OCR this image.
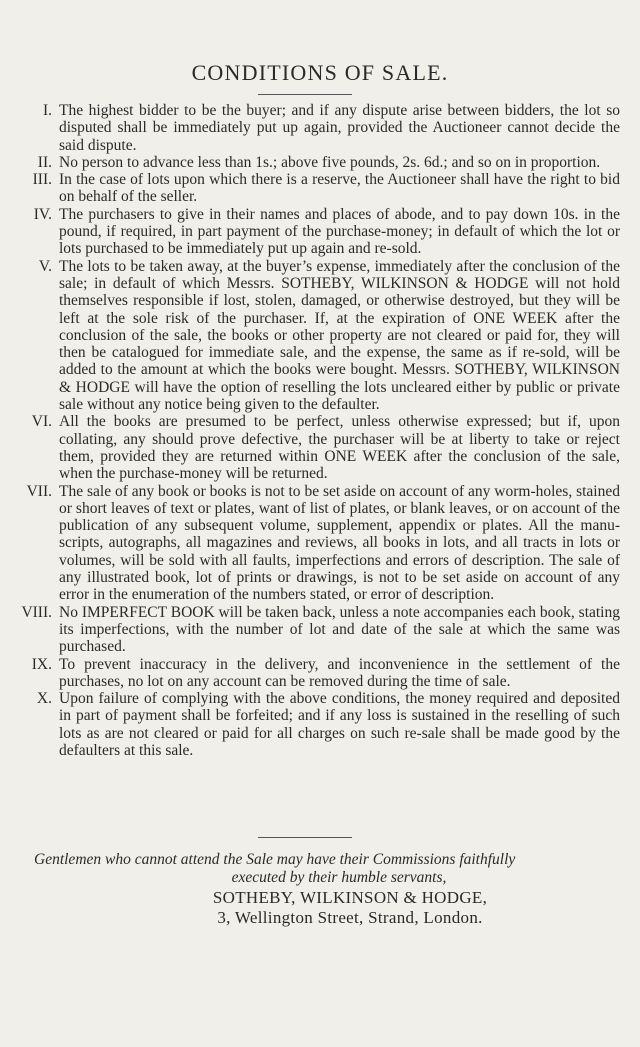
CONDITIONS OF SALE.
I. The highest bidder to be the buyer; and if any dispute arise between bidders, the lot so disputed shall be immediately put up again, provided the Auctioneer cannot decide the said dispute.
II. No person to advance less than 1s.; above five pounds, 2s. 6d.; and so on in proportion.
III. In the case of lots upon which there is a reserve, the Auctioneer shall have the right to bid on behalf of the seller.
IV. The purchasers to give in their names and places of abode, and to pay down 10s. in the pound, if required, in part payment of the purchase-money; in default of which the lot or lots purchased to be immediately put up again and re-sold.
V. The lots to be taken away, at the buyer’s expense, immediately after the conclusion of the sale; in default of which Messrs. SOTHEBY, WILKINSON & HODGE will not hold themselves responsible if lost, stolen, damaged, or otherwise destroyed, but they will be left at the sole risk of the purchaser. If, at the expiration of ONE WEEK after the conclusion of the sale, the books or other property are not cleared or paid for, they will then be catalogued for immediate sale, and the expense, the same as if re-sold, will be added to the amount at which the books were bought. Messrs. SOTHEBY, WILKINSON & HODGE will have the option of reselling the lots uncleared either by public or private sale without any notice being given to the defaulter.
VI. All the books are presumed to be perfect, unless otherwise expressed; but if, upon collating, any should prove defective, the purchaser will be at liberty to take or reject them, provided they are returned within ONE WEEK after the conclusion of the sale, when the purchase-money will be returned.
VII. The sale of any book or books is not to be set aside on account of any worm-holes, stained or short leaves of text or plates, want of list of plates, or blank leaves, or on account of the publication of any subsequent volume, supplement, appendix or plates. All the manu-scripts, autographs, all magazines and reviews, all books in lots, and all tracts in lots or volumes, will be sold with all faults, imperfections and errors of description. The sale of any illustrated book, lot of prints or drawings, is not to be set aside on account of any error in the enumeration of the numbers stated, or error of description.
VIII. No IMPERFECT BOOK will be taken back, unless a note accompanies each book, stating its imperfections, with the number of lot and date of the sale at which the same was purchased.
IX. To prevent inaccuracy in the delivery, and inconvenience in the settlement of the purchases, no lot on any account can be removed during the time of sale.
X. Upon failure of complying with the above conditions, the money required and deposited in part of payment shall be forfeited; and if any loss is sustained in the reselling of such lots as are not cleared or paid for all charges on such re-sale shall be made good by the defaulters at this sale.
Gentlemen who cannot attend the Sale may have their Commissions faithfully
executed by their humble servants,
SOTHEBY, WILKINSON & HODGE,
3, Wellington Street, Strand, London.
